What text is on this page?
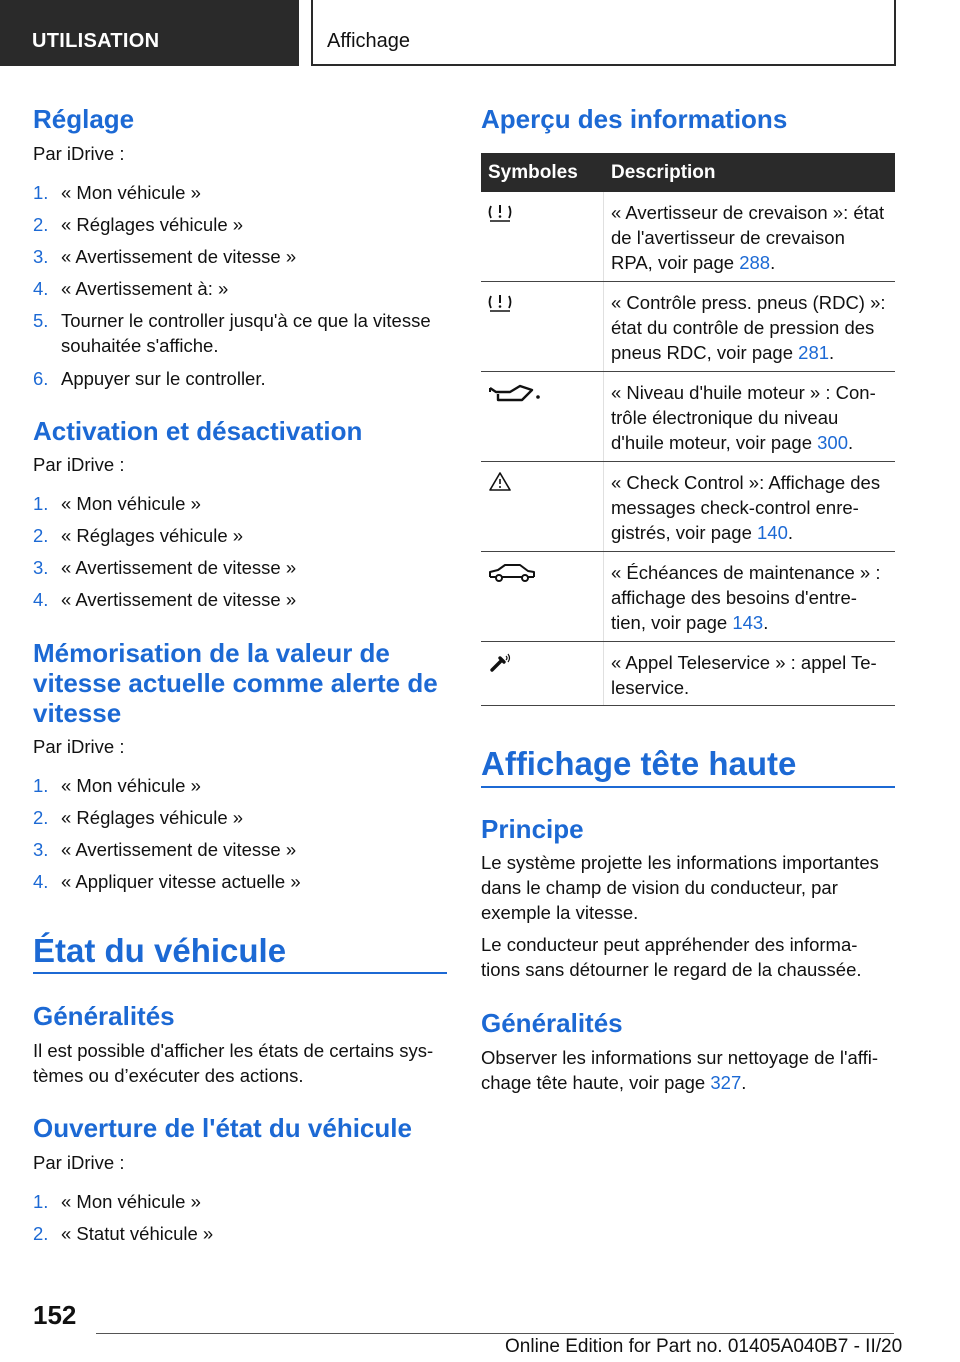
UTILISATION	Affichage
Réglage
Par iDrive :
1. « Mon véhicule »
2. « Réglages véhicule »
3. « Avertissement de vitesse »
4. « Avertissement à: »
5. Tourner le controller jusqu'à ce que la vitesse souhaitée s'affiche.
6. Appuyer sur le controller.
Activation et désactivation
Par iDrive :
1. « Mon véhicule »
2. « Réglages véhicule »
3. « Avertissement de vitesse »
4. « Avertissement de vitesse »
Mémorisation de la valeur de
vitesse actuelle comme alerte de
vitesse
Par iDrive :
1. « Mon véhicule »
2. « Réglages véhicule »
3. « Avertissement de vitesse »
4. « Appliquer vitesse actuelle »
État du véhicule
Généralités
Il est possible d'afficher les états de certains sys-
tèmes ou d’exécuter des actions.
Ouverture de l'état du véhicule
Par iDrive :
1. « Mon véhicule »
2. « Statut véhicule »
Aperçu des informations
Symboles Description
« Avertisseur de crevaison »: état
de l'avertisseur de crevaison
RPA, voir page 288.
« Contrôle press. pneus (RDC) »:
état du contrôle de pression des
pneus RDC, voir page 281.
« Niveau d'huile moteur » : Con-
trôle électronique du niveau
d'huile moteur, voir page 300.
« Check Control »: Affichage des
messages check-control enre-
gistrés, voir page 140.
« Échéances de maintenance » :
affichage des besoins d'entre-
tien, voir page 143.
« Appel Teleservice » : appel Te-
leservice.
Affichage tête haute
Principe
Le système projette les informations importantes
dans le champ de vision du conducteur, par
exemple la vitesse.
Le conducteur peut appréhender des informa-
tions sans détourner le regard de la chaussée.
Généralités
Observer les informations sur nettoyage de l'affi-
chage tête haute, voir page 327.
152
Online Edition for Part no. 01405A040B7 - II/20
